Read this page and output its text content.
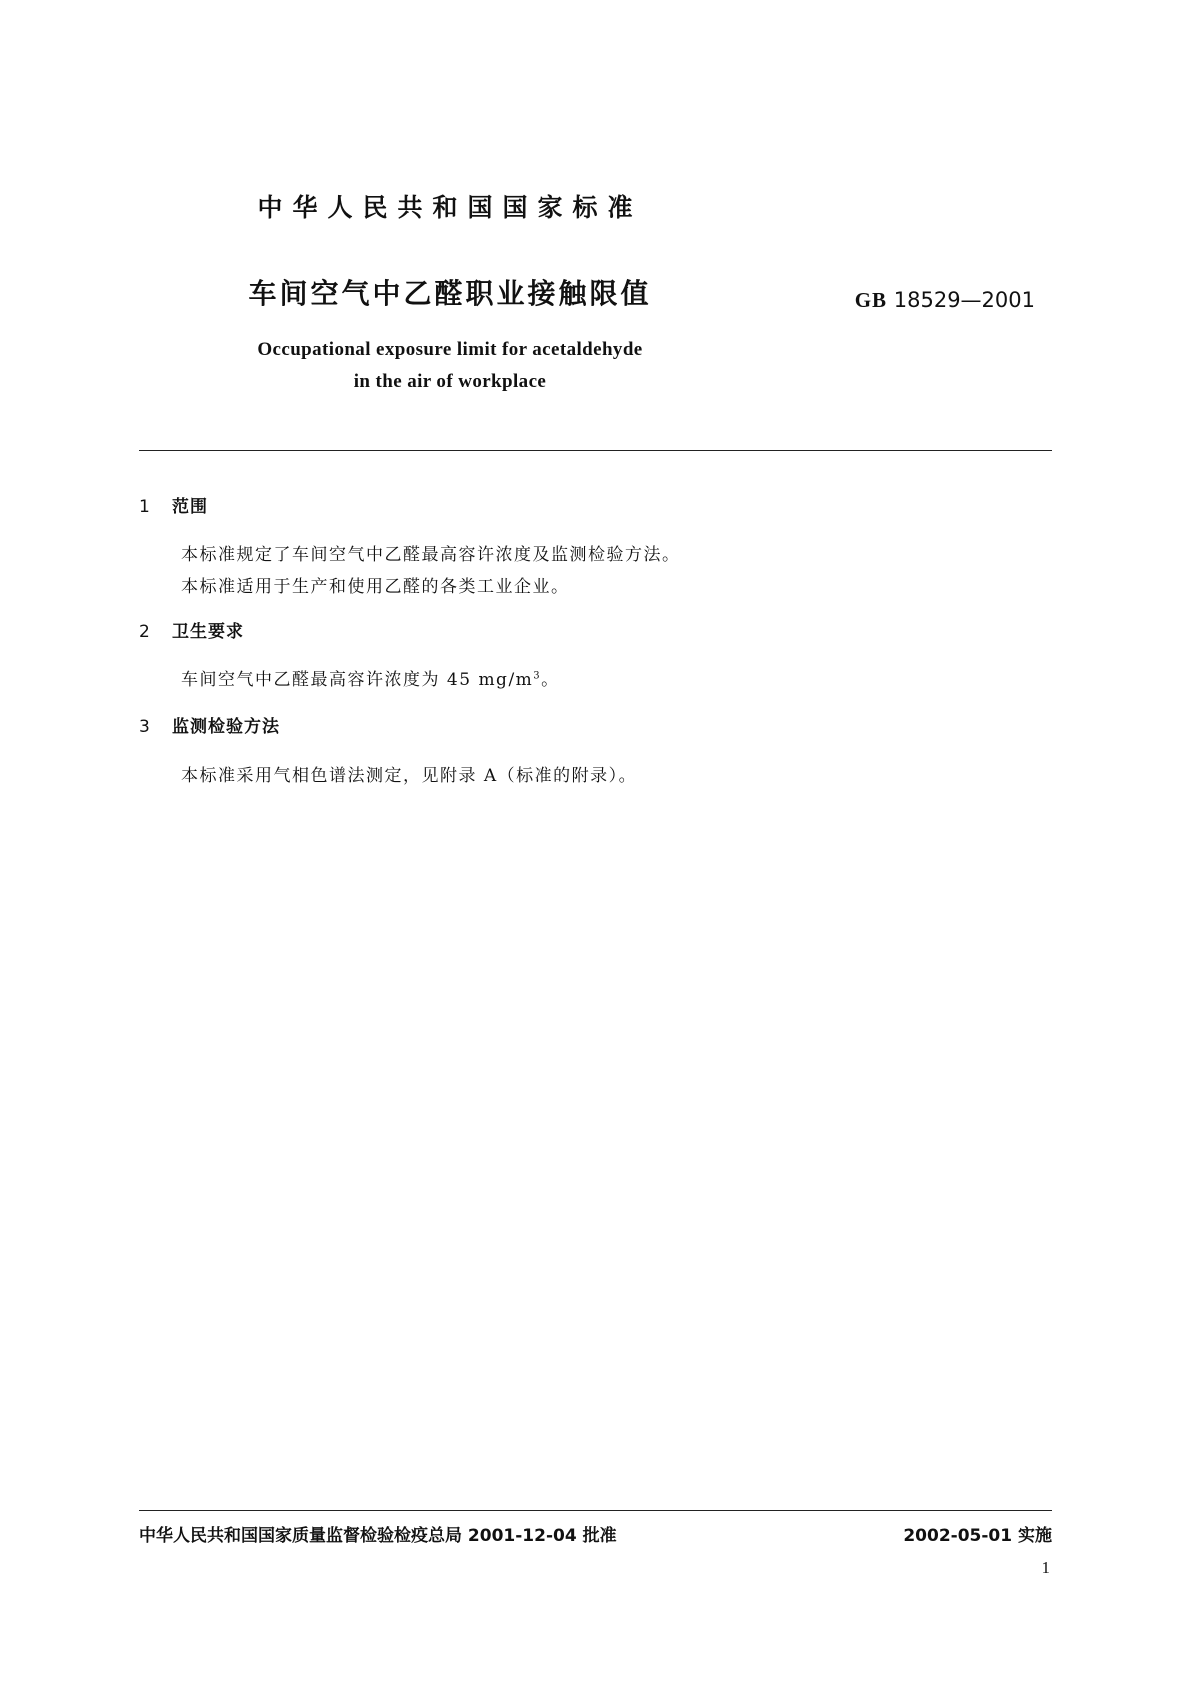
中华人民共和国国家标准
车间空气中乙醛职业接触限值	GB 18529—2001
Occupational exposure limit for acetaldehyde
in the air of workplace
1 范围
本标准规定了车间空气中乙醛最高容许浓度及监测检验方法。
本标准适用于生产和使用乙醛的各类工业企业。
2 卫生要求
车间空气中乙醛最高容许浓度为 45 $mg/m^3$。
3 监测检验方法
本标准采用气相色谱法测定，见附录 A（标准的附录）。
中华人民共和国国家质量监督检验检疫总局 2001-12-04 批准	2002-05-01 实施
1
